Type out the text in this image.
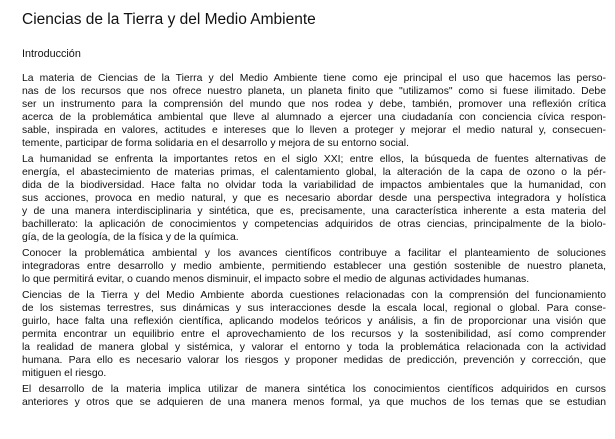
Ciencias de la Tierra y del Medio Ambiente
Introducción

La materia de Ciencias de la Tierra y del Medio Ambiente tiene como eje principal el uso que hacemos las perso-
nas de los recursos que nos ofrece nuestro planeta, un planeta finito que "utilizamos" como si fuese ilimitado. Debe
ser un instrumento para la comprensión del mundo que nos rodea y debe, también, promover una reflexión crítica
acerca de la problemática ambiental que lleve al alumnado a ejercer una ciudadanía con conciencia cívica respon-
sable, inspirada en valores, actitudes e intereses que lo lleven a proteger y mejorar el medio natural y, consecuen-
temente, participar de forma solidaria en el desarrollo y mejora de su entorno social.

La humanidad se enfrenta la importantes retos en el siglo XXI; entre ellos, la búsqueda de fuentes alternativas de
energía, el abastecimiento de materias primas, el calentamiento global, la alteración de la capa de ozono o la pér-
dida de la biodiversidad. Hace falta no olvidar toda la variabilidad de impactos ambientales que la humanidad, con
sus acciones, provoca en medio natural, y que es necesario abordar desde una perspectiva integradora y holística
y de una manera interdisciplinaria y sintética, que es, precisamente, una característica inherente a esta materia del
bachillerato: la aplicación de conocimientos y competencias adquiridos de otras ciencias, principalmente de la biolo-
gía, de la geología, de la física y de la química.

Conocer la problemática ambiental y los avances científicos contribuye a facilitar el planteamiento de soluciones
integradoras entre desarrollo y medio ambiente, permitiendo establecer una gestión sostenible de nuestro planeta,
lo que permitirá evitar, o cuando menos disminuir, el impacto sobre el medio de algunas actividades humanas.

Ciencias de la Tierra y del Medio Ambiente aborda cuestiones relacionadas con la comprensión del funcionamiento
de los sistemas terrestres, sus dinámicas y sus interacciones desde la escala local, regional o global. Para conse-
guirlo, hace falta una reflexión científica, aplicando modelos teóricos y análisis, a fin de proporcionar una visión que
permita encontrar un equilibrio entre el aprovechamiento de los recursos y la sostenibilidad, así como comprender
la realidad de manera global y sistémica, y valorar el entorno y toda la problemática relacionada con la actividad
humana. Para ello es necesario valorar los riesgos y proponer medidas de predicción, prevención y corrección, que
mitiguen el riesgo.

El desarrollo de la materia implica utilizar de manera sintética los conocimientos científicos adquiridos en cursos
anteriores y otros que se adquieren de una manera menos formal, ya que muchos de los temas que se estudian
